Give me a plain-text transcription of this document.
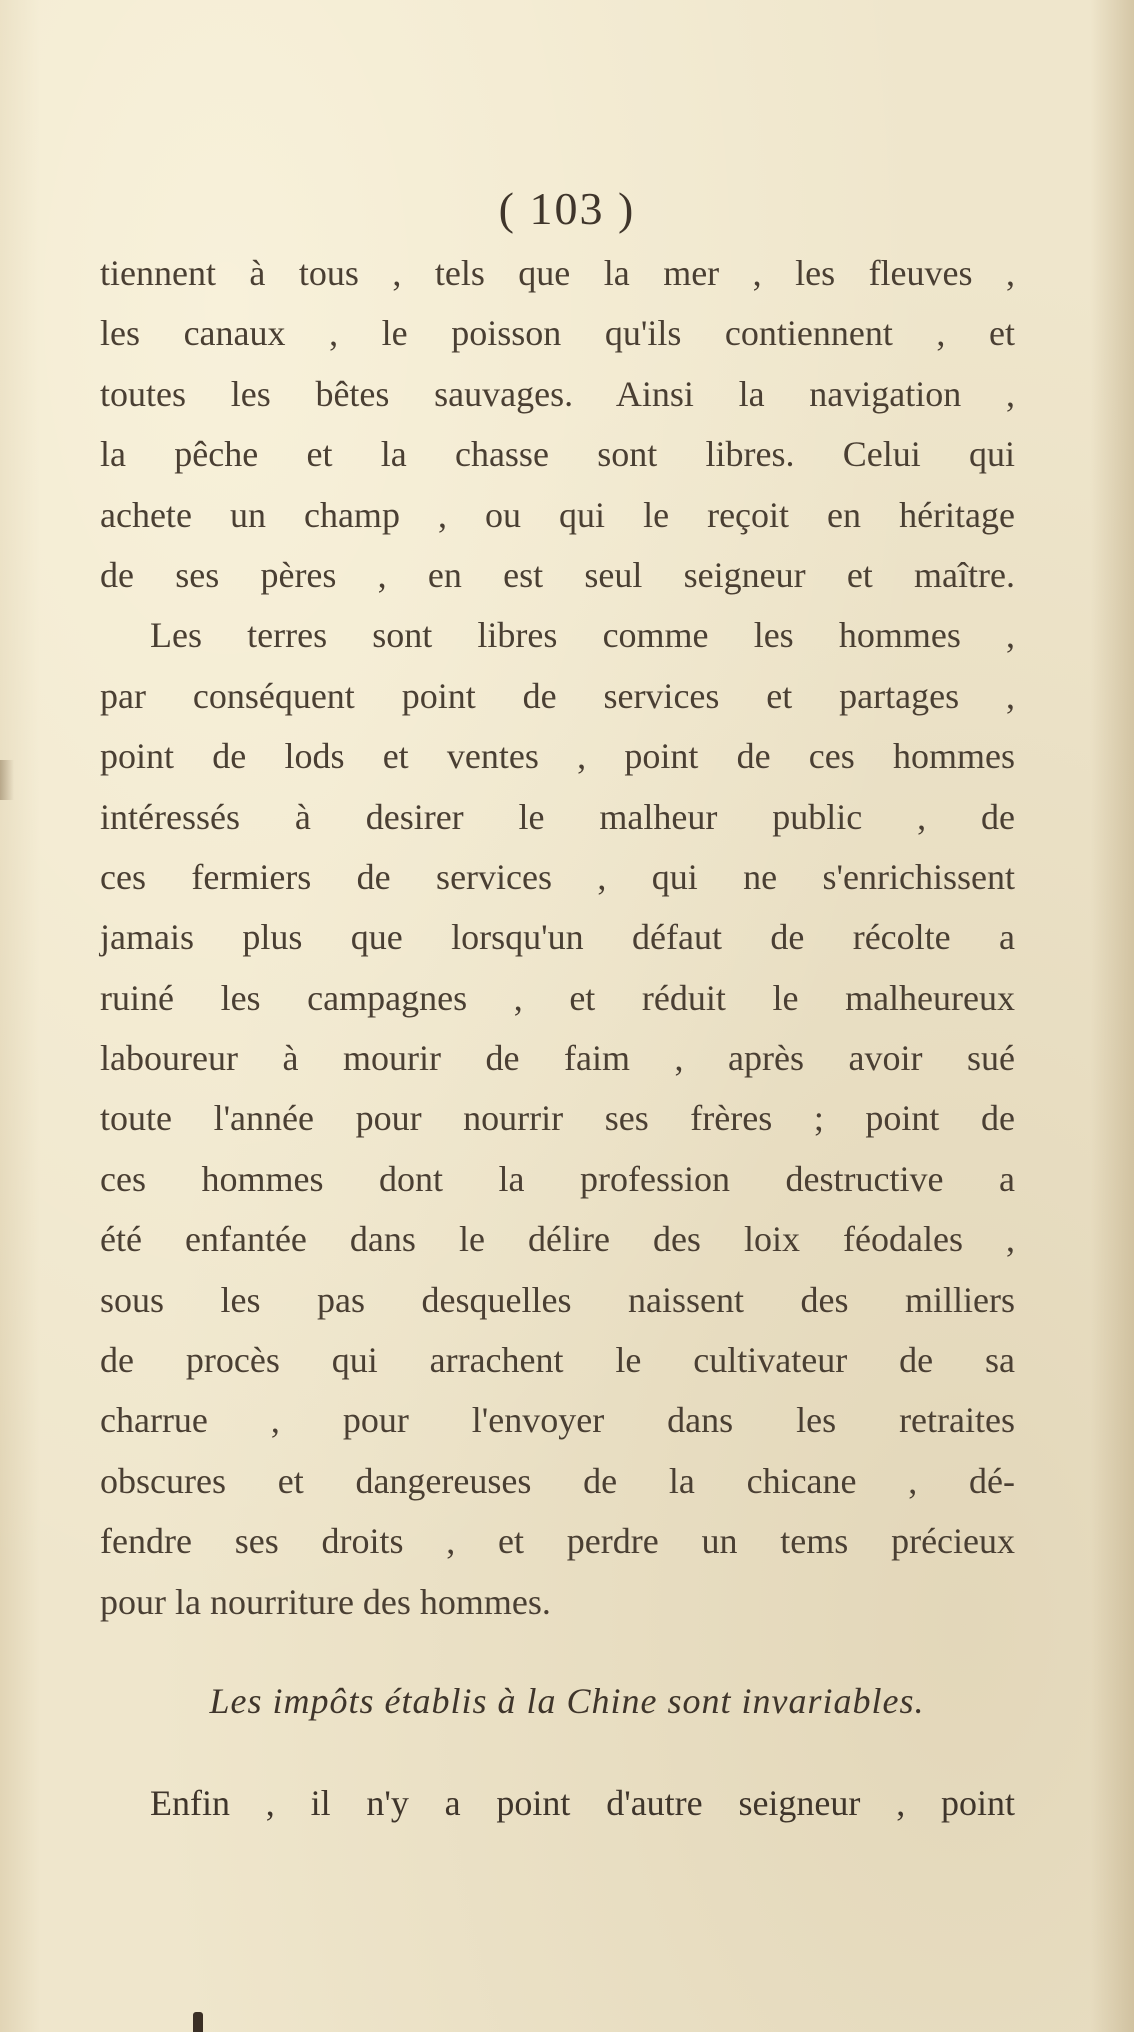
( 103 )
tiennent à tous , tels que la mer , les fleuves ,
les canaux , le poisson qu'ils contiennent , et
toutes les bêtes sauvages. Ainsi la navigation ,
la pêche et la chasse sont libres. Celui qui
achete un champ , ou qui le reçoit en héritage
de ses pères , en est seul seigneur et maître.
Les terres sont libres comme les hommes ,
par conséquent point de services et partages ,
point de lods et ventes , point de ces hommes
intéressés à desirer le malheur public , de
ces fermiers de services , qui ne s'enrichissent
jamais plus que lorsqu'un défaut de récolte a
ruiné les campagnes , et réduit le malheureux
laboureur à mourir de faim , après avoir sué
toute l'année pour nourrir ses frères ; point de
ces hommes dont la profession destructive a
été enfantée dans le délire des loix féodales ,
sous les pas desquelles naissent des milliers
de procès qui arrachent le cultivateur de sa
charrue , pour l'envoyer dans les retraites
obscures et dangereuses de la chicane , dé-
fendre ses droits , et perdre un tems précieux
pour la nourriture des hommes.
Les impôts établis à la Chine sont invariables.
Enfin , il n'y a point d'autre seigneur , point
